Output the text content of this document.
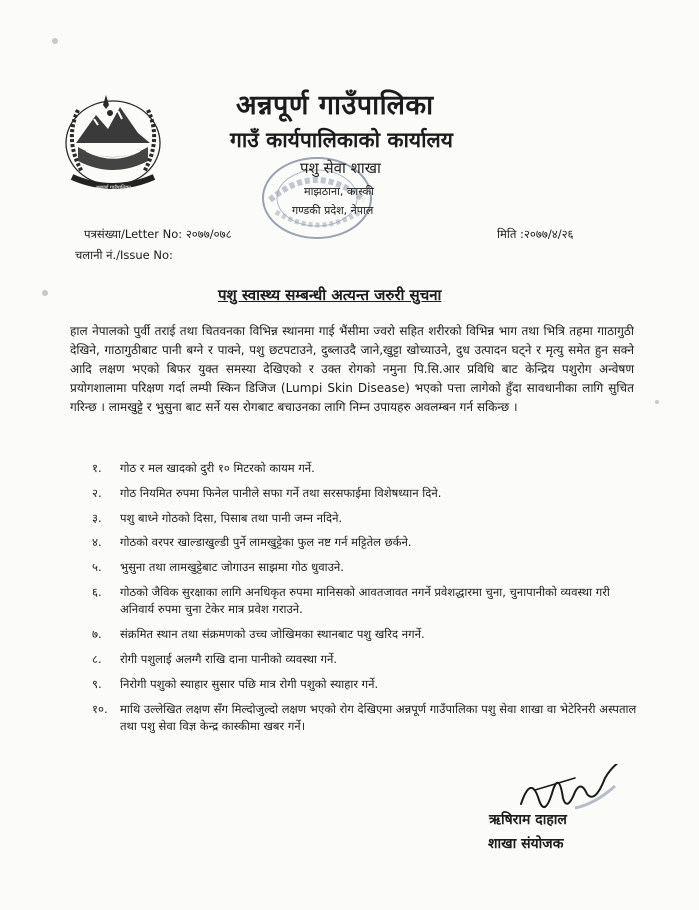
अन्नपूर्ण गाउँपालिका
अन्नपूर्ण गाउँपालिका
गाउँ कार्यपालिकाको कार्यालय
पशु सेवा शाखा
माझठाना, कास्की
गण्डकी प्रदेश, नेपाल
पत्रसंख्या/Letter No: २०७७/०७८
चलानी नं./Issue No:
मिति :२०७७/४/२६
पशु स्वास्थ्य सम्बन्धी अत्यन्त जरुरी सुचना
हाल नेपालको पुर्वी तराई तथा चितवनका विभिन्न स्थानमा गाई भैंसीमा ज्वरो सहित शरीरको विभिन्न भाग तथा भित्रि तहमा गाठागुठी देखिने, गाठागुठीबाट पानी बग्ने र पाक्ने, पशु छटपटाउने, दुब्लाउदै जाने,खुट्टा खोच्याउने, दुध उत्पादन घट्ने र मृत्यु समेत हुन सक्ने आदि लक्षण भएको बिफर युक्त समस्या देखिएको र उक्त रोगको नमुना पि.सि.आर प्रविधि बाट केन्द्रिय पशुरोग अन्वेषण प्रयोगशालामा परिक्षण गर्दा लम्पी स्किन डिजिज (Lumpi Skin Disease) भएको पत्ता लागेको हुँदा सावधानीका लागि सुचित गरिन्छ । लामखुट्टे र भुसुना बाट सर्ने यस रोगबाट बचाउनका लागि निम्न उपायहरु अवलम्बन गर्न सकिन्छ ।
१.	गोठ र मल खादको दुरी १० मिटरको कायम गर्ने.
२.	गोठ नियमित रुपमा फिनेल पानीले सफा गर्ने तथा सरसफाईमा विशेषध्यान दिने.
३.	पशु बाध्ने गोठको दिसा, पिसाब तथा पानी जम्न नदिने.
४.	गोठको वरपर खाल्डाखुल्डी पुर्ने लामखुट्टेका फुल नष्ट गर्न मट्टितेल छर्कने.
५.	भुसुना तथा लामखुट्टेबाट जोगाउन साझमा गोठ धुवाउने.
६.	गोठको जैविक सुरक्षाका लागि अनधिकृत रुपमा मानिसको आवतजावत नगर्ने प्रवेशद्धारमा चुना, चुनापानीको व्यवस्था गरी अनिवार्य रुपमा चुना टेकेर मात्र प्रवेश गराउने.
७.	संक्रमित स्थान तथा संक्रमणको उच्च जोखिमका स्थानबाट पशु खरिद नगर्ने.
८.	रोगी पशुलाई अलग्गै राखि दाना पानीको व्यवस्था गर्ने.
९.	निरोगी पशुको स्याहार सुसार पछि मात्र रोगी पशुको स्याहार गर्ने.
१०.	माथि उल्लेखित लक्षण सँग मिल्दोजुल्दो लक्षण भएको रोग देखिएमा अन्नपूर्ण गाउँपालिका पशु सेवा शाखा वा भेटेरिनरी अस्पताल तथा पशु सेवा विज्ञ केन्द्र कास्कीमा खबर गर्ने।
ऋषिराम दाहाल
शाखा संयोजक
